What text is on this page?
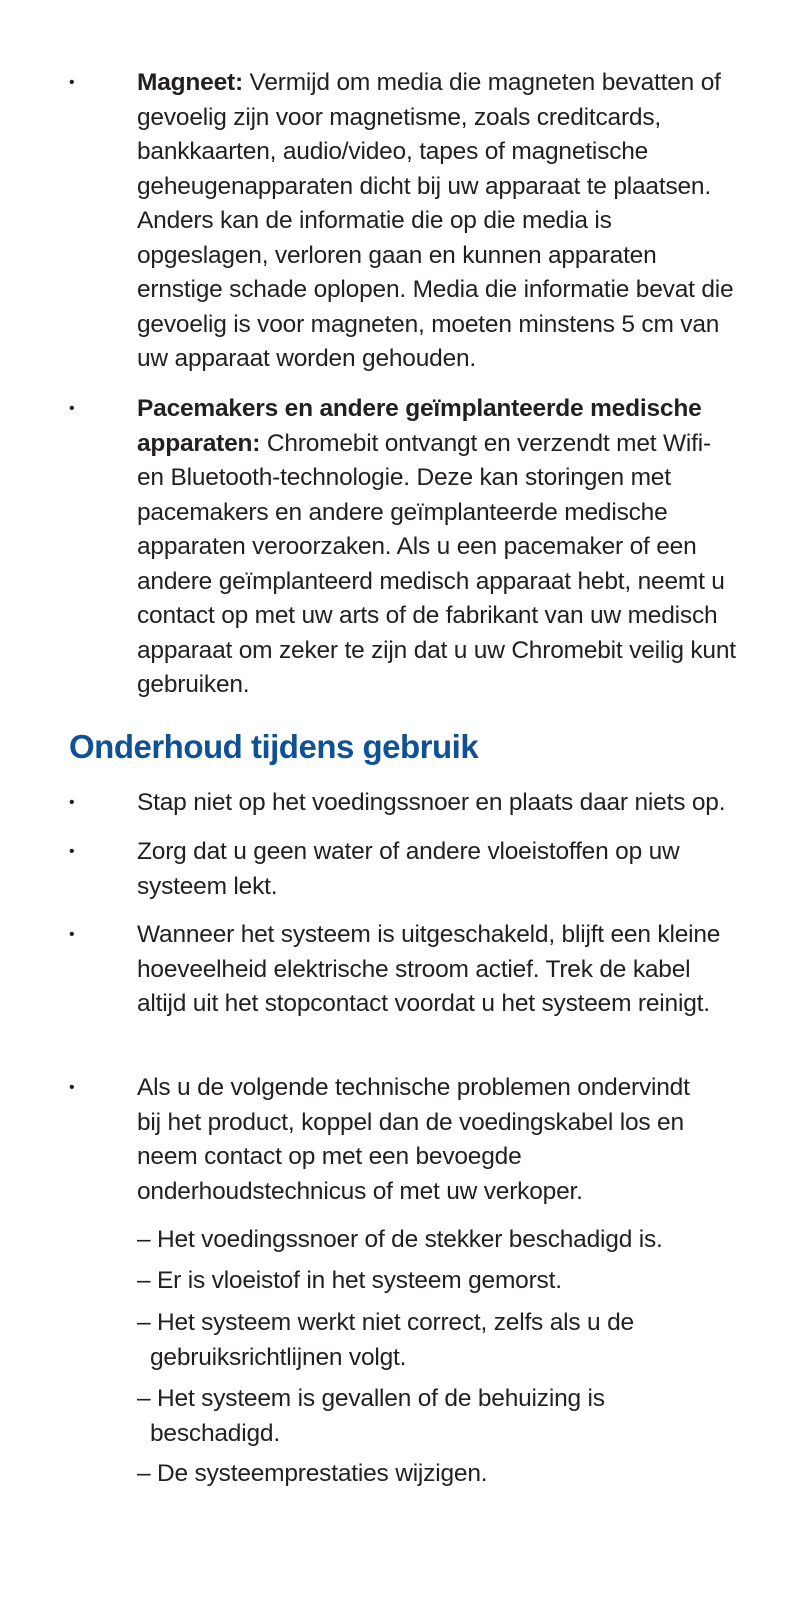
•	Magneet: Vermijd om media die magneten bevatten of gevoelig zijn voor magnetisme, zoals creditcards, bankkaarten, audio/video, tapes of magnetische geheugenapparaten dicht bij uw apparaat te plaatsen. Anders kan de informatie die op die media is opgeslagen, verloren gaan en kunnen apparaten ernstige schade oplopen. Media die informatie bevat die gevoelig is voor magneten, moeten minstens 5 cm van uw apparaat worden gehouden.
•	Pacemakers en andere geïmplanteerde medische apparaten: Chromebit ontvangt en verzendt met Wifi- en Bluetooth-technologie. Deze kan storingen met pacemakers en andere geïmplanteerde medische apparaten veroorzaken. Als u een pacemaker of een andere geïmplanteerd medisch apparaat hebt, neemt u contact op met uw arts of de fabrikant van uw medisch apparaat om zeker te zijn dat u uw Chromebit veilig kunt gebruiken.
Onderhoud tijdens gebruik
•	Stap niet op het voedingssnoer en plaats daar niets op.
•	Zorg dat u geen water of andere vloeistoffen op uw systeem lekt.
•	Wanneer het systeem is uitgeschakeld, blijft een kleine hoeveelheid elektrische stroom actief. Trek de kabel altijd uit het stopcontact voordat u het systeem reinigt.
•	Als u de volgende technische problemen ondervindt bij het product, koppel dan de voedingskabel los en neem contact op met een bevoegde onderhoudstechnicus of met uw verkoper.
– Het voedingssnoer of de stekker beschadigd is.
– Er is vloeistof in het systeem gemorst.
– Het systeem werkt niet correct, zelfs als u de gebruiksrichtlijnen volgt.
– Het systeem is gevallen of de behuizing is beschadigd.
– De systeemprestaties wijzigen.
